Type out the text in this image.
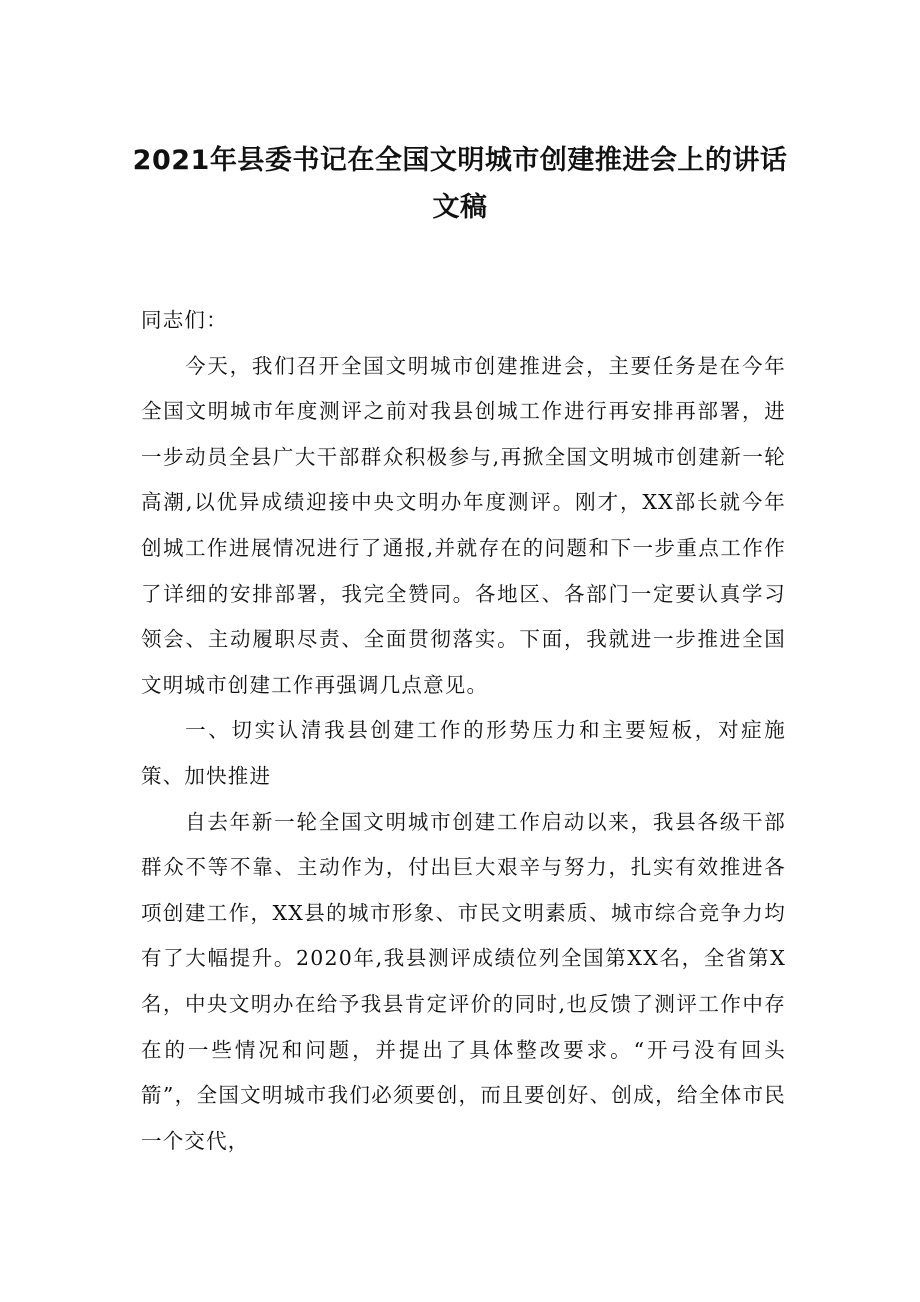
2021年县委书记在全国文明城市创建推进会上的讲话文稿

同志们：

今天，我们召开全国文明城市创建推进会，主要任务是在今年全国文明城市年度测评之前对我县创城工作进行再安排再部署，进一步动员全县广大干部群众积极参与,再掀全国文明城市创建新一轮高潮,以优异成绩迎接中央文明办年度测评。刚才，XX部长就今年创城工作进展情况进行了通报,并就存在的问题和下一步重点工作作了详细的安排部署，我完全赞同。各地区、各部门一定要认真学习领会、主动履职尽责、全面贯彻落实。下面，我就进一步推进全国文明城市创建工作再强调几点意见。

一、切实认清我县创建工作的形势压力和主要短板，对症施策、加快推进

自去年新一轮全国文明城市创建工作启动以来，我县各级干部群众不等不靠、主动作为，付出巨大艰辛与努力，扎实有效推进各项创建工作，XX县的城市形象、市民文明素质、城市综合竞争力均有了大幅提升。2020年,我县测评成绩位列全国第XX名，全省第X名，中央文明办在给予我县肯定评价的同时,也反馈了测评工作中存在的一些情况和问题，并提出了具体整改要求。“开弓没有回头箭”，全国文明城市我们必须要创，而且要创好、创成，给全体市民一个交代，
